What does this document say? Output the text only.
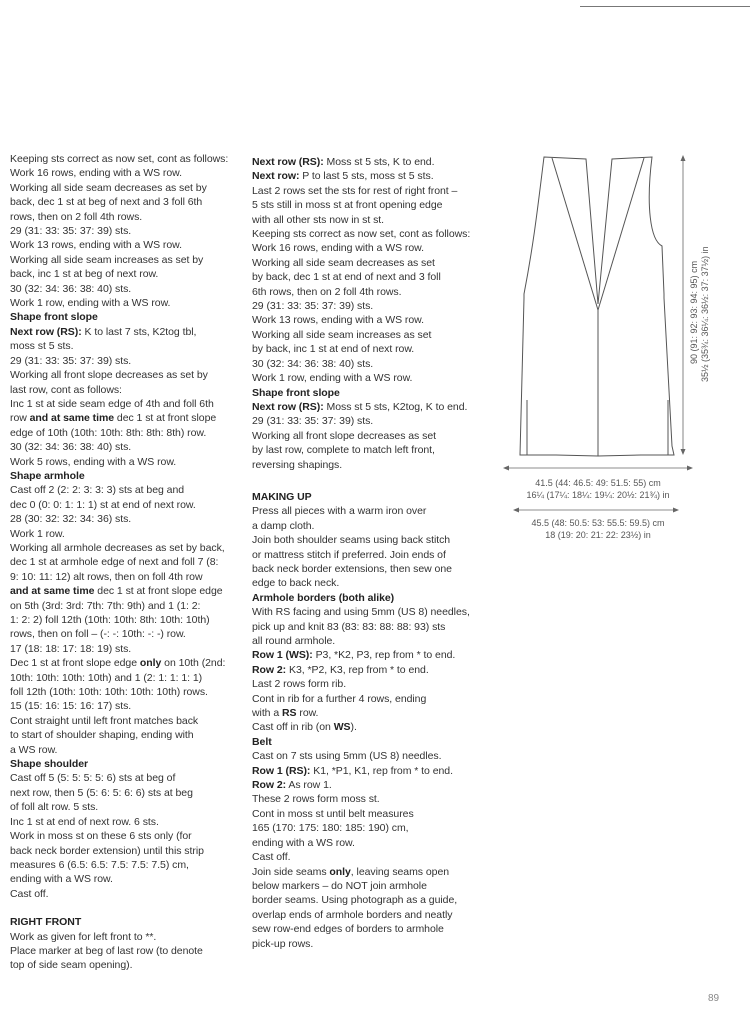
Keeping sts correct as now set, cont as follows:
Work 16 rows, ending with a WS row.
Working all side seam decreases as set by
back, dec 1 st at beg of next and 3 foll 6th
rows, then on 2 foll 4th rows.
29 (31: 33: 35: 37: 39) sts.
Work 13 rows, ending with a WS row.
Working all side seam increases as set by
back, inc 1 st at beg of next row.
30 (32: 34: 36: 38: 40) sts.
Work 1 row, ending with a WS row.
Shape front slope
Next row (RS): K to last 7 sts, K2tog tbl,
moss st 5 sts.
29 (31: 33: 35: 37: 39) sts.
Working all front slope decreases as set by
last row, cont as follows:
Inc 1 st at side seam edge of 4th and foll 6th
row and at same time dec 1 st at front slope
edge of 10th (10th: 10th: 8th: 8th: 8th) row.
30 (32: 34: 36: 38: 40) sts.
Work 5 rows, ending with a WS row.
Shape armhole
Cast off 2 (2: 2: 3: 3: 3) sts at beg and
dec 0 (0: 0: 1: 1: 1) st at end of next row.
28 (30: 32: 32: 34: 36) sts.
Work 1 row.
Working all armhole decreases as set by back,
dec 1 st at armhole edge of next and foll 7 (8:
9: 10: 11: 12) alt rows, then on foll 4th row
and at same time dec 1 st at front slope edge
on 5th (3rd: 3rd: 7th: 7th: 9th) and 1 (1: 2:
1: 2: 2) foll 12th (10th: 10th: 8th: 10th: 10th)
rows, then on foll – (-: -: 10th: -: -) row.
17 (18: 18: 17: 18: 19) sts.
Dec 1 st at front slope edge only on 10th (2nd:
10th: 10th: 10th: 10th) and 1 (2: 1: 1: 1: 1)
foll 12th (10th: 10th: 10th: 10th: 10th) rows.
15 (15: 16: 15: 16: 17) sts.
Cont straight until left front matches back
to start of shoulder shaping, ending with
a WS row.
Shape shoulder
Cast off 5 (5: 5: 5: 5: 6) sts at beg of
next row, then 5 (5: 6: 5: 6: 6) sts at beg
of foll alt row. 5 sts.
Inc 1 st at end of next row. 6 sts.
Work in moss st on these 6 sts only (for
back neck border extension) until this strip
measures 6 (6.5: 6.5: 7.5: 7.5: 7.5) cm,
ending with a WS row.
Cast off.
RIGHT FRONT
Work as given for left front to **.
Place marker at beg of last row (to denote
top of side seam opening).
Next row (RS): Moss st 5 sts, K to end.
Next row: P to last 5 sts, moss st 5 sts.
Last 2 rows set the sts for rest of right front –
5 sts still in moss st at front opening edge
with all other sts now in st st.
Keeping sts correct as now set, cont as follows:
Work 16 rows, ending with a WS row.
Working all side seam decreases as set
by back, dec 1 st at end of next and 3 foll
6th rows, then on 2 foll 4th rows.
29 (31: 33: 35: 37: 39) sts.
Work 13 rows, ending with a WS row.
Working all side seam increases as set
by back, inc 1 st at end of next row.
30 (32: 34: 36: 38: 40) sts.
Work 1 row, ending with a WS row.
Shape front slope
Next row (RS): Moss st 5 sts, K2tog, K to end.
29 (31: 33: 35: 37: 39) sts.
Working all front slope decreases as set
by last row, complete to match left front,
reversing shapings.
MAKING UP
Press all pieces with a warm iron over
a damp cloth.
Join both shoulder seams using back stitch
or mattress stitch if preferred. Join ends of
back neck border extensions, then sew one
edge to back neck.
Armhole borders (both alike)
With RS facing and using 5mm (US 8) needles,
pick up and knit 83 (83: 83: 88: 88: 93) sts
all round armhole.
Row 1 (WS): P3, *K2, P3, rep from * to end.
Row 2: K3, *P2, K3, rep from * to end.
Last 2 rows form rib.
Cont in rib for a further 4 rows, ending
with a RS row.
Cast off in rib (on WS).
Belt
Cast on 7 sts using 5mm (US 8) needles.
Row 1 (RS): K1, *P1, K1, rep from * to end.
Row 2: As row 1.
These 2 rows form moss st.
Cont in moss st until belt measures
165 (170: 175: 180: 185: 190) cm,
ending with a WS row.
Cast off.
Join side seams only, leaving seams open
below markers – do NOT join armhole
border seams. Using photograph as a guide,
overlap ends of armhole borders and neatly
sew row-end edges of borders to armhole
pick-up rows.
90 (91: 92: 93: 94: 95) cm 35½ (35¾: 36¼: 36½: 37: 37½) in
41.5 (44: 46.5: 49: 51.5: 55) cm
16¼ (17¼: 18¼: 19¼: 20½: 21¾) in
45.5 (48: 50.5: 53: 55.5: 59.5) cm
18 (19: 20: 21: 22: 23½) in
89
